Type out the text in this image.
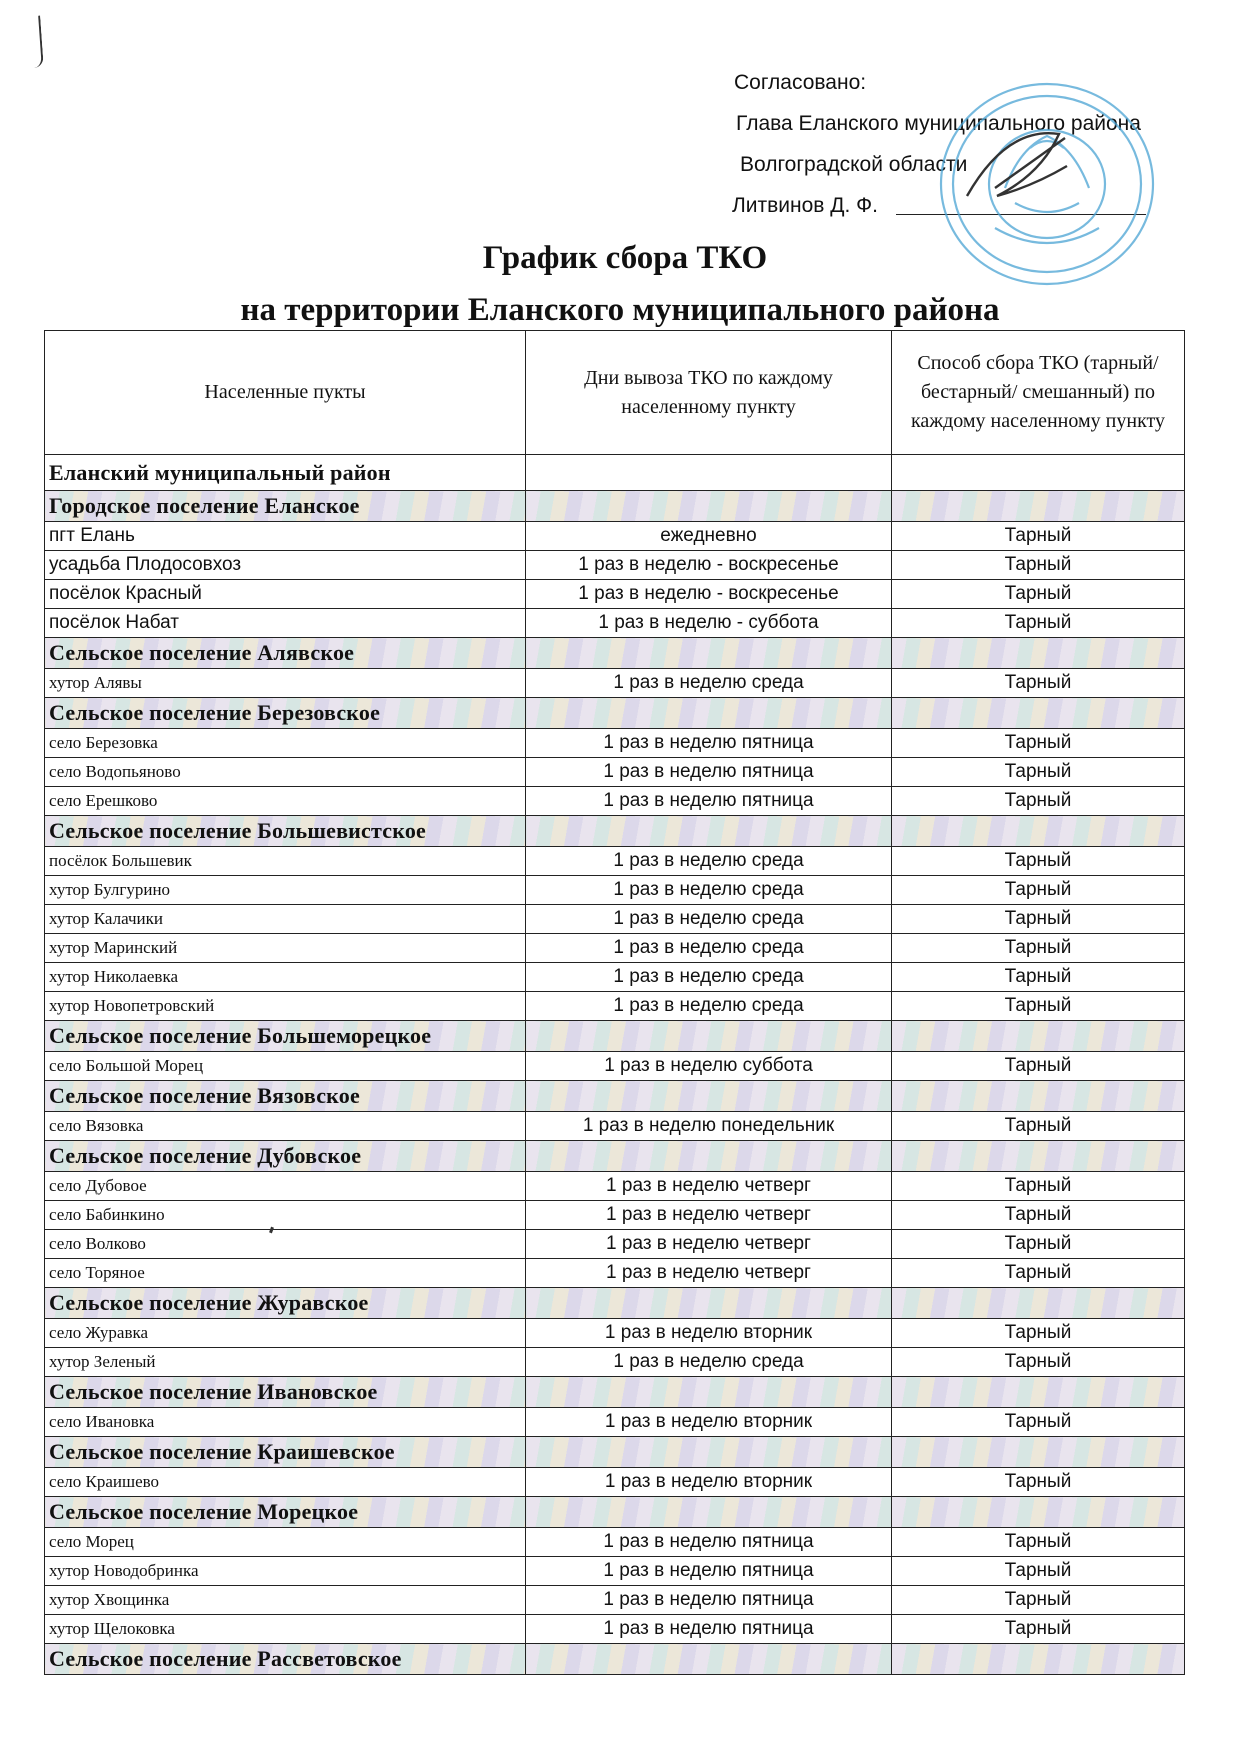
Согласовано:
Глава Еланского муниципального района
Волгоградской области
Литвинов Д. Ф.
График сбора ТКО
на территории Еланского муниципального района
Населенные пукты	Дни вывоза ТКО по каждому населенному пункту	Способ сбора ТКО (тарный/бестарный/ смешанный) по каждому населенному пункту
Еланский муниципальный район		
Городское поселение Еланское		
пгт Елань	ежедневно	Тарный
усадьба Плодосовхоз	1 раз в неделю - воскресенье	Тарный
посёлок Красный	1 раз в неделю - воскресенье	Тарный
посёлок Набат	1 раз в неделю - суббота	Тарный
Сельское поселение Алявское		
хутор Алявы	1 раз в неделю среда	Тарный
Сельское поселение Березовское		
село Березовка	1 раз в неделю пятница	Тарный
село Водопьяново	1 раз в неделю пятница	Тарный
село Ерешково	1 раз в неделю пятница	Тарный
Сельское поселение Большевистское		
посёлок Большевик	1 раз в неделю среда	Тарный
хутор Булгурино	1 раз в неделю среда	Тарный
хутор Калачики	1 раз в неделю среда	Тарный
хутор Маринский	1 раз в неделю среда	Тарный
хутор Николаевка	1 раз в неделю среда	Тарный
хутор Новопетровский	1 раз в неделю среда	Тарный
Сельское поселение Большеморецкое		
село Большой Морец	1 раз в неделю суббота	Тарный
Сельское поселение Вязовское		
село Вязовка	1 раз в неделю понедельник	Тарный
Сельское поселение Дубовское		
село Дубовое	1 раз в неделю четверг	Тарный
село Бабинкино	1 раз в неделю четверг	Тарный
село Волково	1 раз в неделю четверг	Тарный
село Торяное	1 раз в неделю четверг	Тарный
Сельское поселение Журавское		
село Журавка	1 раз в неделю вторник	Тарный
хутор Зеленый	1 раз в неделю среда	Тарный
Сельское поселение Ивановское		
село Ивановка	1 раз в неделю вторник	Тарный
Сельское поселение Краишевское		
село Краишево	1 раз в неделю вторник	Тарный
Сельское поселение Морецкое		
село Морец	1 раз в неделю пятница	Тарный
хутор Новодобринка	1 раз в неделю пятница	Тарный
хутор Хвощинка	1 раз в неделю пятница	Тарный
хутор Щелоковка	1 раз в неделю пятница	Тарный
Сельское поселение Рассветовское		
